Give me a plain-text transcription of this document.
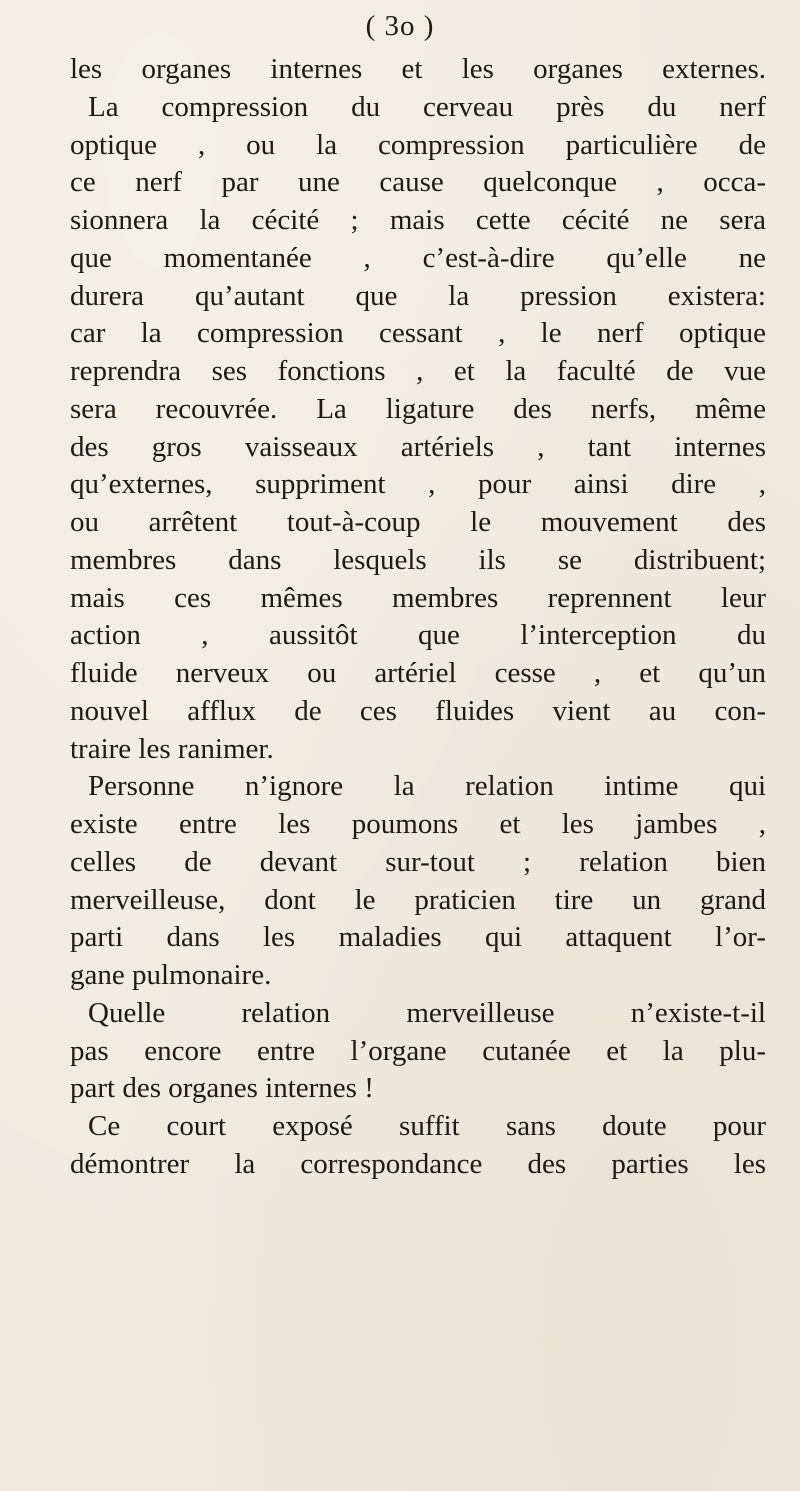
( 3o )
les organes internes et les organes externes.
La compression du cerveau près du nerf
optique , ou la compression particulière de
ce nerf par une cause quelconque , occa-
sionnera la cécité ; mais cette cécité ne sera
que momentanée , c’est-à-dire qu’elle ne
durera qu’autant que la pression existera:
car la compression cessant , le nerf optique
reprendra ses fonctions , et la faculté de vue
sera recouvrée. La ligature des nerfs, même
des gros vaisseaux artériels , tant internes
qu’externes, suppriment , pour ainsi dire ,
ou arrêtent tout-à-coup le mouvement des
membres dans lesquels ils se distribuent;
mais ces mêmes membres reprennent leur
action , aussitôt que l’interception du
fluide nerveux ou artériel cesse , et qu’un
nouvel afflux de ces fluides vient au con-
traire les ranimer.
Personne n’ignore la relation intime qui
existe entre les poumons et les jambes ,
celles de devant sur-tout ; relation bien
merveilleuse, dont le praticien tire un grand
parti dans les maladies qui attaquent l’or-
gane pulmonaire.
Quelle relation merveilleuse n’existe-t-il
pas encore entre l’organe cutanée et la plu-
part des organes internes !
Ce court exposé suffit sans doute pour
démontrer la correspondance des parties les
